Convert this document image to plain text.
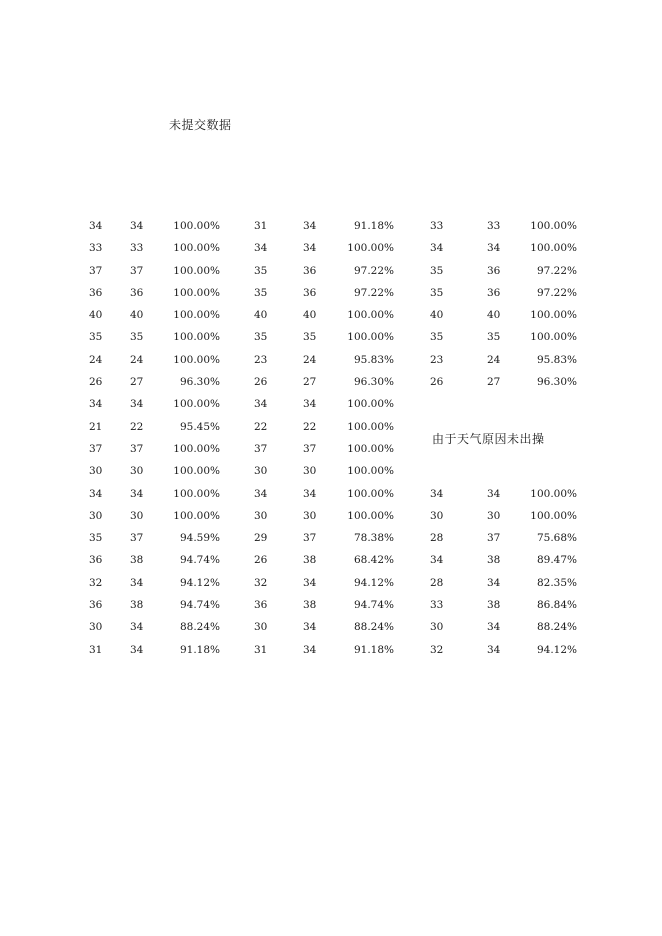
未提交数据
由于天气原因未出操
34	34	100.00%	31	34	91.18%	33	33	100.00%
33	33	100.00%	34	34	100.00%	34	34	100.00%
37	37	100.00%	35	36	97.22%	35	36	97.22%
36	36	100.00%	35	36	97.22%	35	36	97.22%
40	40	100.00%	40	40	100.00%	40	40	100.00%
35	35	100.00%	35	35	100.00%	35	35	100.00%
24	24	100.00%	23	24	95.83%	23	24	95.83%
26	27	96.30%	26	27	96.30%	26	27	96.30%
34	34	100.00%	34	34	100.00%
21	22	95.45%	22	22	100.00%
37	37	100.00%	37	37	100.00%
30	30	100.00%	30	30	100.00%
34	34	100.00%	34	34	100.00%	34	34	100.00%
30	30	100.00%	30	30	100.00%	30	30	100.00%
35	37	94.59%	29	37	78.38%	28	37	75.68%
36	38	94.74%	26	38	68.42%	34	38	89.47%
32	34	94.12%	32	34	94.12%	28	34	82.35%
36	38	94.74%	36	38	94.74%	33	38	86.84%
30	34	88.24%	30	34	88.24%	30	34	88.24%
31	34	91.18%	31	34	91.18%	32	34	94.12%
